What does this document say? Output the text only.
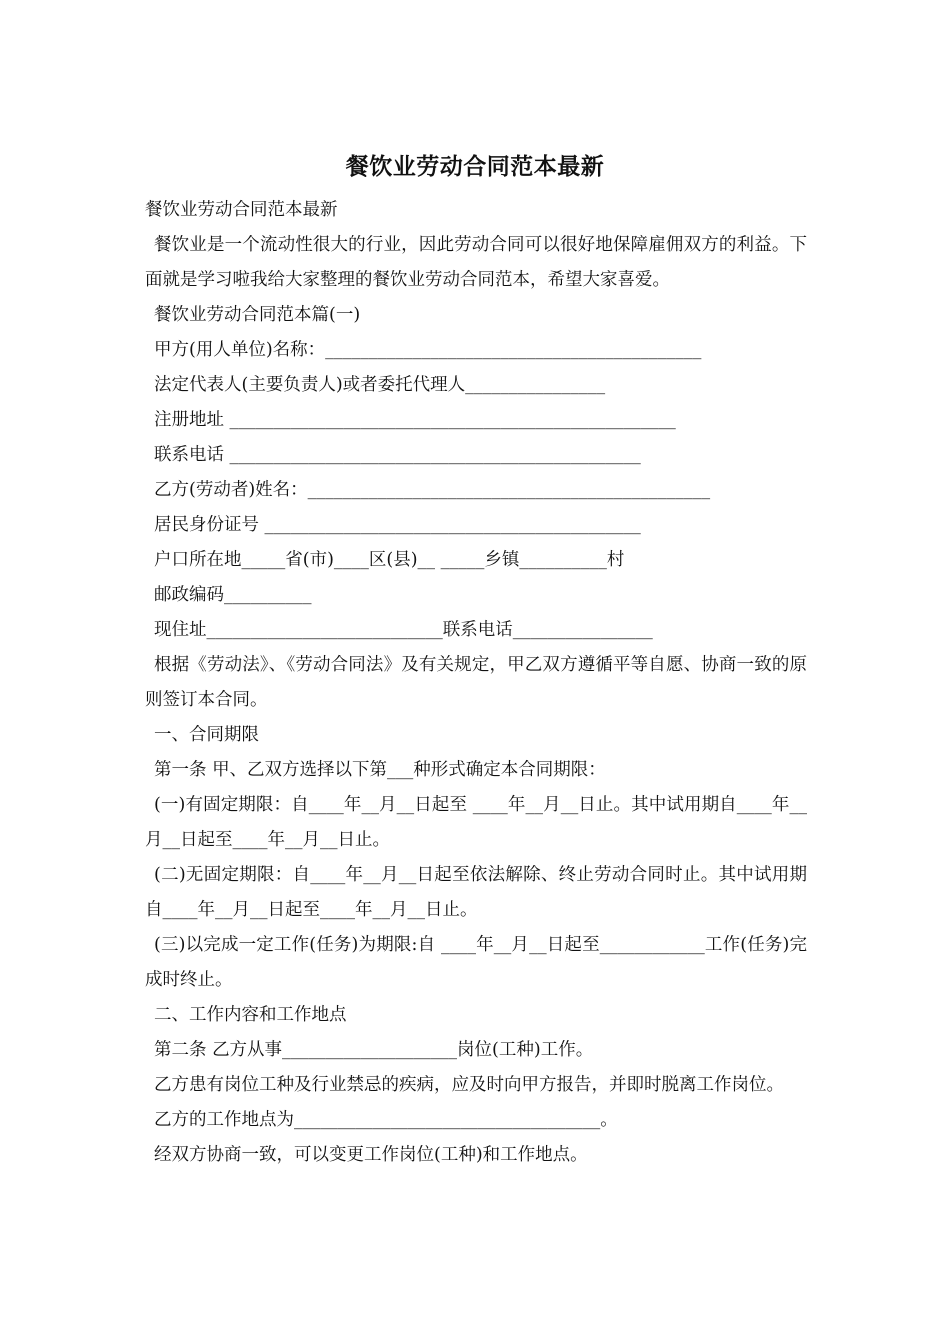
餐饮业劳动合同范本最新
餐饮业劳动合同范本最新
餐饮业是一个流动性很大的行业，因此劳动合同可以很好地保障雇佣双方的利益。下面就是学习啦我给大家整理的餐饮业劳动合同范本，希望大家喜爱。
餐饮业劳动合同范本篇(一)
甲方(用人单位)名称：___________________________________________
法定代表人(主要负责人)或者委托代理人________________
注册地址 ___________________________________________________
联系电话 _______________________________________________
乙方(劳动者)姓名：______________________________________________
居民身份证号 ___________________________________________
户口所在地_____省(市)____区(县)__ _____乡镇__________村
邮政编码__________
现住址___________________________联系电话________________
根据《劳动法》、《劳动合同法》及有关规定，甲乙双方遵循平等自愿、协商一致的原则签订本合同。
一、合同期限
第一条 甲、乙双方选择以下第___种形式确定本合同期限：
(一)有固定期限：自____年__月__日起至 ____年__月__日止。其中试用期自____年__月__日起至____年__月__日止。
(二)无固定期限：自____年__月__日起至依法解除、终止劳动合同时止。其中试用期自____年__月__日起至____年__月__日止。
(三)以完成一定工作(任务)为期限:自 ____年__月__日起至____________工作(任务)完成时终止。
二、工作内容和工作地点
第二条 乙方从事____________________岗位(工种)工作。
乙方患有岗位工种及行业禁忌的疾病，应及时向甲方报告，并即时脱离工作岗位。
乙方的工作地点为___________________________________。
经双方协商一致，可以变更工作岗位(工种)和工作地点。
